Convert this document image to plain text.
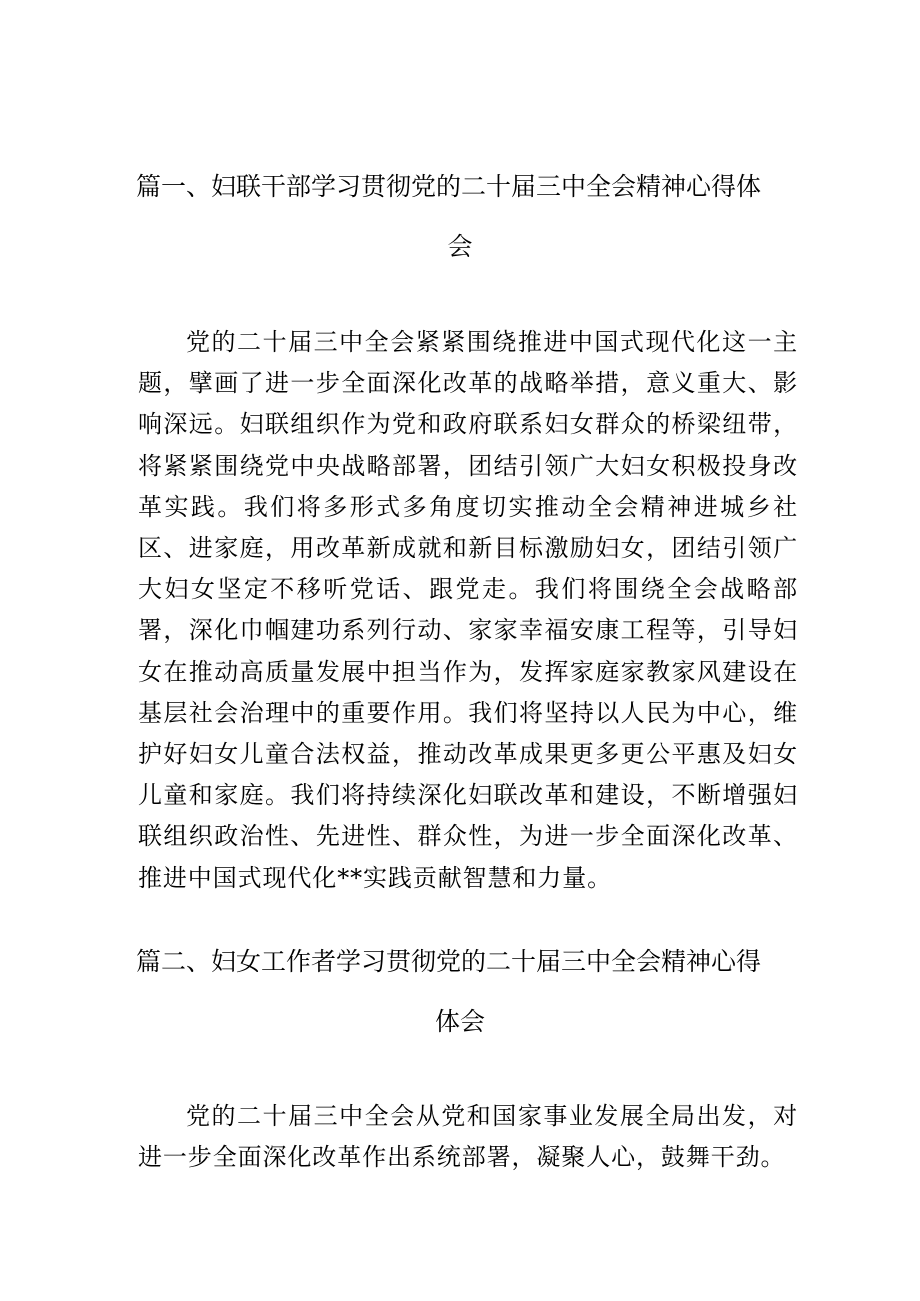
篇一、妇联干部学习贯彻党的二十届三中全会精神心得体
会
党的二十届三中全会紧紧围绕推进中国式现代化这一主题，擘画了进一步全面深化改革的战略举措，意义重大、影响深远。妇联组织作为党和政府联系妇女群众的桥梁纽带，将紧紧围绕党中央战略部署，团结引领广大妇女积极投身改革实践。我们将多形式多角度切实推动全会精神进城乡社区、进家庭，用改革新成就和新目标激励妇女，团结引领广大妇女坚定不移听党话、跟党走。我们将围绕全会战略部署，深化巾帼建功系列行动、家家幸福安康工程等，引导妇女在推动高质量发展中担当作为，发挥家庭家教家风建设在基层社会治理中的重要作用。我们将坚持以人民为中心，维护好妇女儿童合法权益，推动改革成果更多更公平惠及妇女儿童和家庭。我们将持续深化妇联改革和建设，不断增强妇联组织政治性、先进性、群众性，为进一步全面深化改革、推进中国式现代化**实践贡献智慧和力量。
篇二、妇女工作者学习贯彻党的二十届三中全会精神心得
体会
党的二十届三中全会从党和国家事业发展全局出发，对进一步全面深化改革作出系统部署，凝聚人心，鼓舞干劲。
